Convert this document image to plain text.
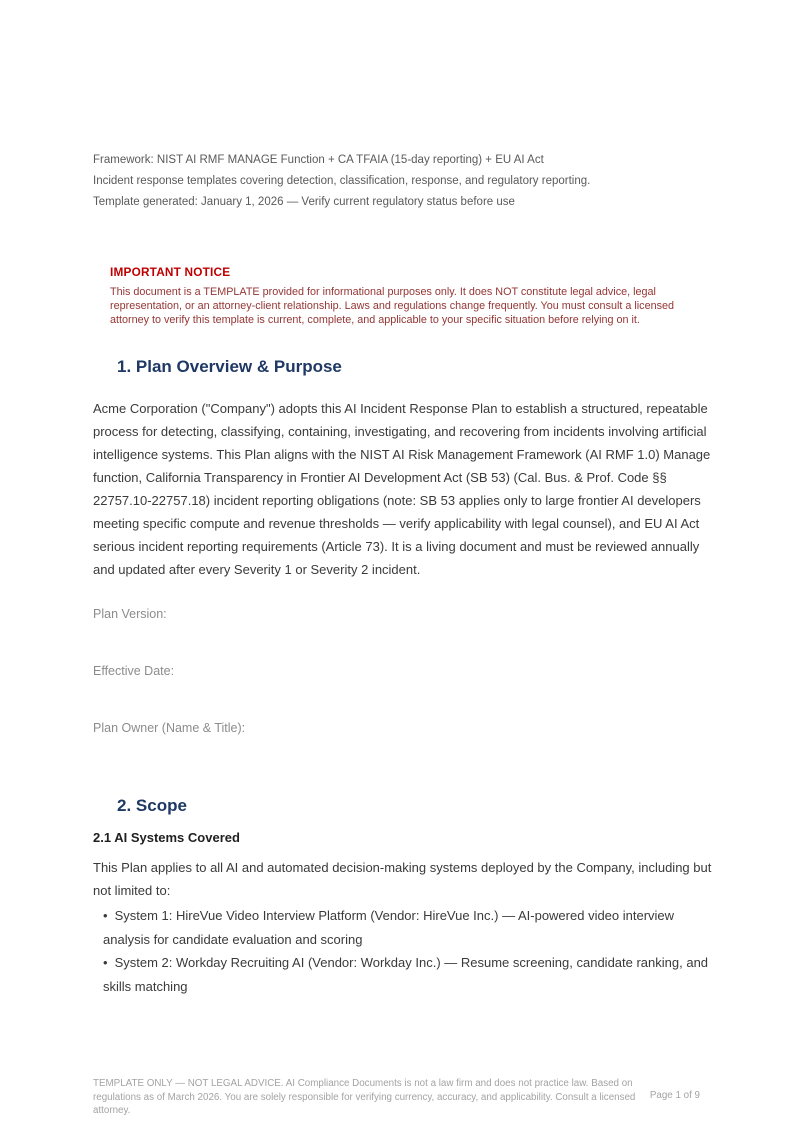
Framework: NIST AI RMF MANAGE Function + CA TFAIA (15-day reporting) + EU AI Act
Incident response templates covering detection, classification, response, and regulatory reporting.
Template generated: January 1, 2026 — Verify current regulatory status before use
IMPORTANT NOTICE
This document is a TEMPLATE provided for informational purposes only. It does NOT constitute legal advice, legal representation, or an attorney-client relationship. Laws and regulations change frequently. You must consult a licensed attorney to verify this template is current, complete, and applicable to your specific situation before relying on it.
1. Plan Overview & Purpose
Acme Corporation ("Company") adopts this AI Incident Response Plan to establish a structured, repeatable process for detecting, classifying, containing, investigating, and recovering from incidents involving artificial intelligence systems. This Plan aligns with the NIST AI Risk Management Framework (AI RMF 1.0) Manage function, California Transparency in Frontier AI Development Act (SB 53) (Cal. Bus. & Prof. Code §§ 22757.10-22757.18) incident reporting obligations (note: SB 53 applies only to large frontier AI developers meeting specific compute and revenue thresholds — verify applicability with legal counsel), and EU AI Act serious incident reporting requirements (Article 73). It is a living document and must be reviewed annually and updated after every Severity 1 or Severity 2 incident.
Plan Version:
Effective Date:
Plan Owner (Name & Title):
2. Scope
2.1 AI Systems Covered
This Plan applies to all AI and automated decision-making systems deployed by the Company, including but not limited to:
• System 1: HireVue Video Interview Platform (Vendor: HireVue Inc.) — AI-powered video interview analysis for candidate evaluation and scoring
• System 2: Workday Recruiting AI (Vendor: Workday Inc.) — Resume screening, candidate ranking, and skills matching
TEMPLATE ONLY — NOT LEGAL ADVICE. AI Compliance Documents is not a law firm and does not practice law. Based on regulations as of March 2026. You are solely responsible for verifying currency, accuracy, and applicability. Consult a licensed attorney.
Page 1 of 9
